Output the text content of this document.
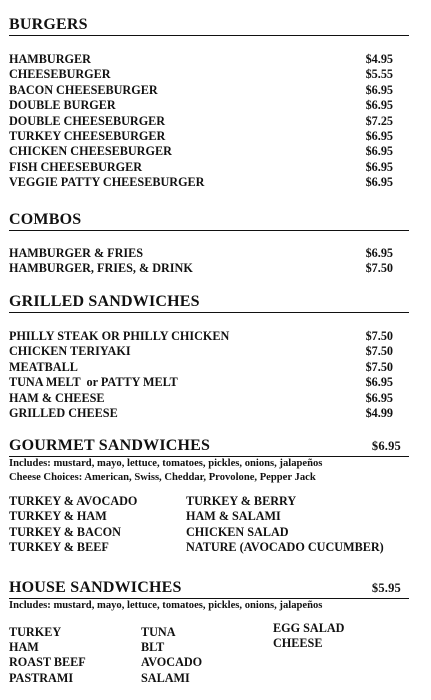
BURGERS
HAMBURGER	$4.95
CHEESEBURGER	$5.55
BACON CHEESEBURGER	$6.95
DOUBLE BURGER	$6.95
DOUBLE CHEESEBURGER	$7.25
TURKEY CHEESEBURGER	$6.95
CHICKEN CHEESEBURGER	$6.95
FISH CHEESEBURGER	$6.95
VEGGIE PATTY CHEESEBURGER	$6.95
COMBOS
HAMBURGER & FRIES	$6.95
HAMBURGER, FRIES, & DRINK	$7.50
GRILLED SANDWICHES
PHILLY STEAK OR PHILLY CHICKEN	$7.50
CHICKEN TERIYAKI	$7.50
MEATBALL	$7.50
TUNA MELT  or PATTY MELT	$6.95
HAM & CHEESE	$6.95
GRILLED CHEESE	$4.99
GOURMET SANDWICHES	$6.95
Includes: mustard, mayo, lettuce, tomatoes, pickles, onions, jalapeños
Cheese Choices: American, Swiss, Cheddar, Provolone, Pepper Jack
TURKEY & AVOCADO
TURKEY & HAM
TURKEY & BACON
TURKEY & BEEF
TURKEY & BERRY
HAM & SALAMI
CHICKEN SALAD
NATURE (AVOCADO CUCUMBER)
HOUSE SANDWICHES	$5.95
Includes: mustard, mayo, lettuce, tomatoes, pickles, onions, jalapeños
TURKEY
HAM
ROAST BEEF
PASTRAMI
TUNA
BLT
AVOCADO
SALAMI
EGG SALAD
CHEESE
